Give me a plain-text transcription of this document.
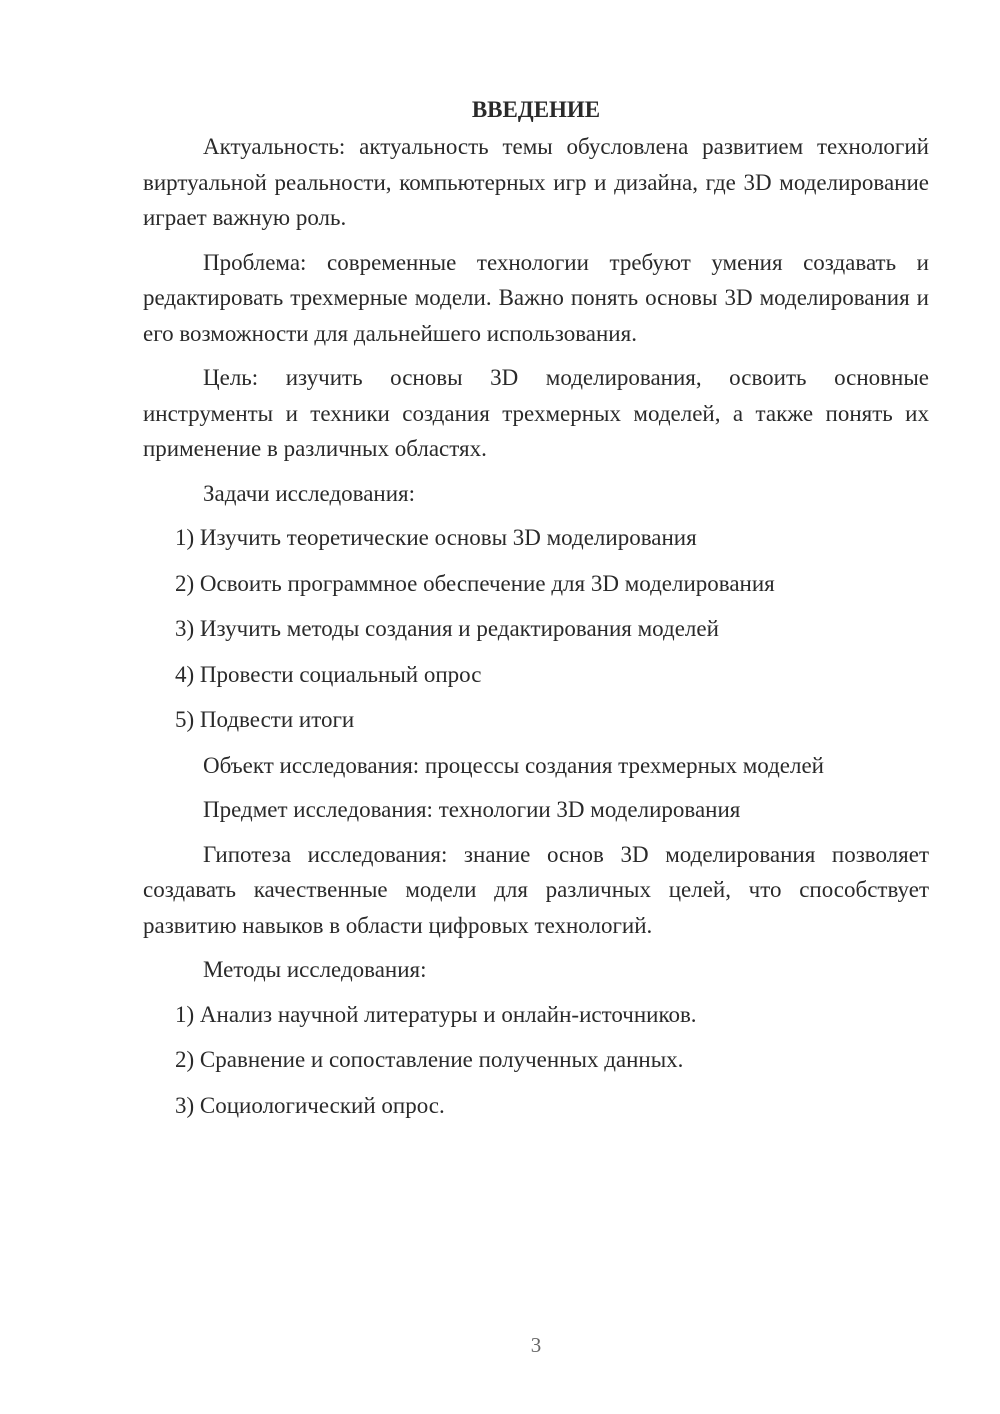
ВВЕДЕНИЕ

Актуальность: актуальность темы обусловлена развитием технологий виртуальной реальности, компьютерных игр и дизайна, где 3D моделирование играет важную роль.

Проблема: современные технологии требуют умения создавать и редактировать трехмерные модели. Важно понять основы 3D моделирования и его возможности для дальнейшего использования.

Цель: изучить основы 3D моделирования, освоить основные инструменты и техники создания трехмерных моделей, а также понять их применение в различных областях.

Задачи исследования:

1) Изучить теоретические основы 3D моделирования
2) Освоить программное обеспечение для 3D моделирования
3) Изучить методы создания и редактирования моделей
4) Провести социальный опрос
5) Подвести итоги

Объект исследования: процессы создания трехмерных моделей

Предмет исследования: технологии 3D моделирования

Гипотеза исследования: знание основ 3D моделирования позволяет создавать качественные модели для различных целей, что способствует развитию навыков в области цифровых технологий.

Методы исследования:

1) Анализ научной литературы и онлайн-источников.
2) Сравнение и сопоставление полученных данных.
3) Социологический опрос.
3
